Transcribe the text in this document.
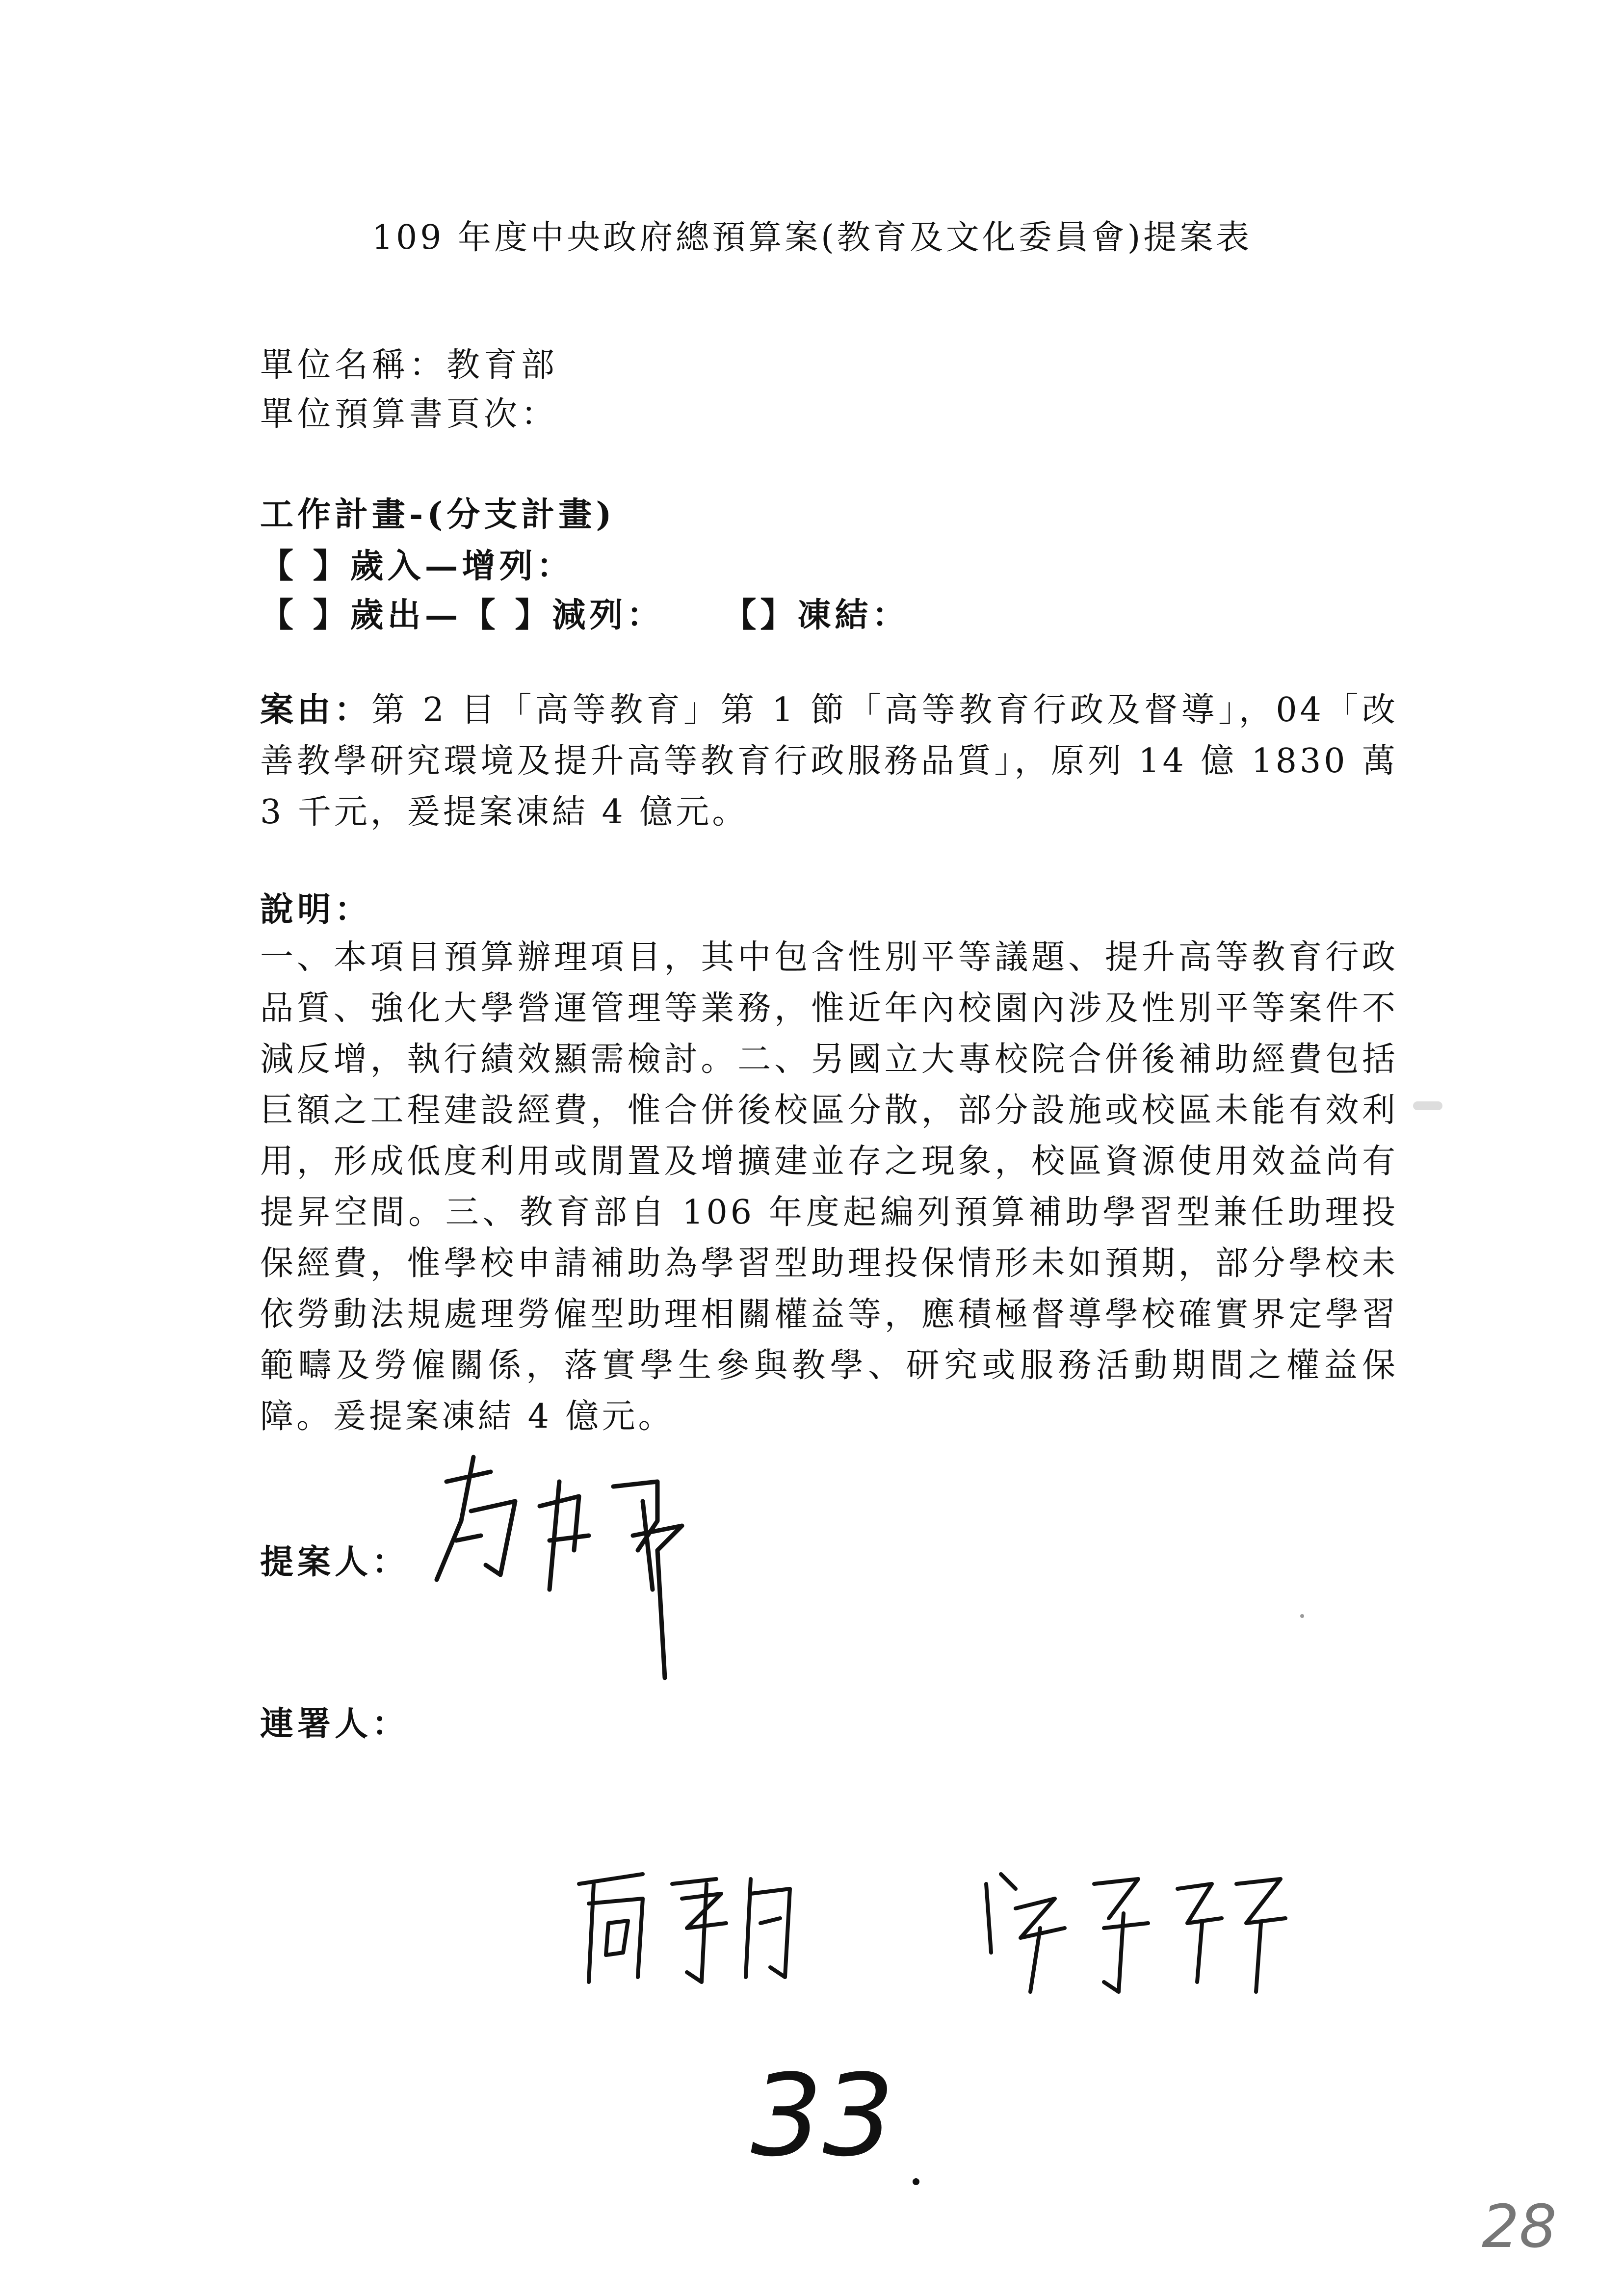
109 年度中央政府總預算案(教育及文化委員會)提案表
單位名稱：教育部
單位預算書頁次：
工作計畫-(分支計畫)
【 】歲入—增列：
【 】歲出—【 】減列： 【】凍結：
案由：第 2 目「高等教育」第 1 節「高等教育行政及督導」，04「改善教學研究環境及提升高等教育行政服務品質」，原列 14 億 1830 萬 3 千元，爰提案凍結 4 億元。
說明：
一、本項目預算辦理項目，其中包含性別平等議題、提升高等教育行政品質、強化大學營運管理等業務，惟近年內校園內涉及性別平等案件不減反增，執行績效顯需檢討。二、另國立大專校院合併後補助經費包括巨額之工程建設經費，惟合併後校區分散，部分設施或校區未能有效利用，形成低度利用或閒置及增擴建並存之現象，校區資源使用效益尚有提昇空間。三、教育部自 106 年度起編列預算補助學習型兼任助理投保經費，惟學校申請補助為學習型助理投保情形未如預期，部分學校未依勞動法規處理勞僱型助理相關權益等，應積極督導學校確實界定學習範疇及勞僱關係，落實學生參與教學、研究或服務活動期間之權益保障。爰提案凍結 4 億元。
提案人：
連署人：
33
28
